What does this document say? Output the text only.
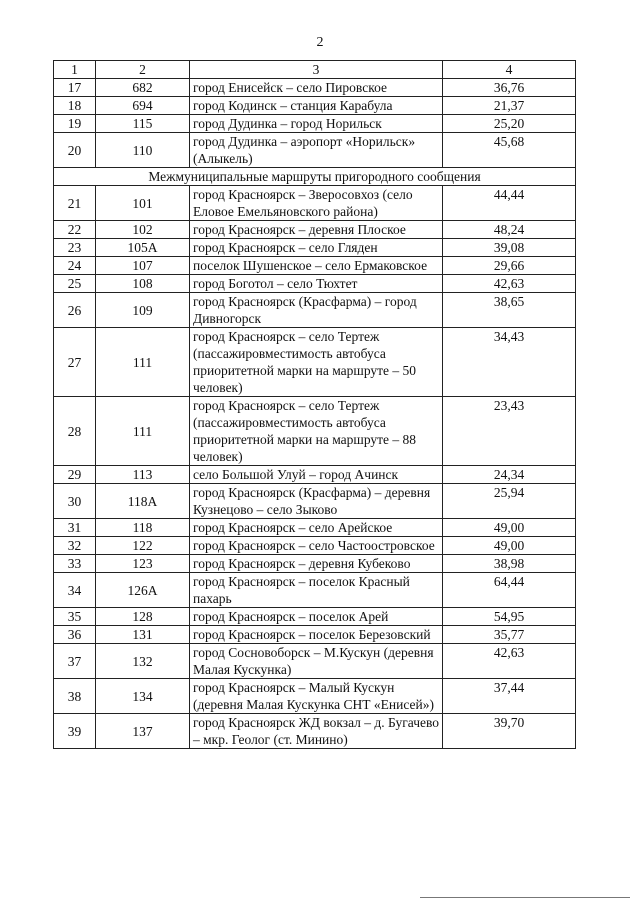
2
1	2	3	4
17	682	город Енисейск – село Пировское	36,76
18	694	город Кодинск – станция Карабула	21,37
19	115	город Дудинка – город Норильск	25,20
20	110	город Дудинка – аэропорт «Норильск» (Алыкель)	45,68
Межмуниципальные маршруты пригородного сообщения			
21	101	город Красноярск – Зверосовхоз (село Еловое Емельяновского района)	44,44
22	102	город Красноярск – деревня Плоское	48,24
23	105А	город Красноярск – село Гляден	39,08
24	107	поселок Шушенское – село Ермаковское	29,66
25	108	город Боготол – село Тюхтет	42,63
26	109	город Красноярск (Красфарма) – город Дивногорск	38,65
27	111	город Красноярск – село Тертеж (пассажировместимость автобуса приоритетной марки на маршруте – 50 человек)	34,43
28	111	город Красноярск – село Тертеж (пассажировместимость автобуса приоритетной марки на маршруте – 88 человек)	23,43
29	113	село Большой Улуй – город Ачинск	24,34
30	118А	город Красноярск (Красфарма) – деревня Кузнецово – село Зыково	25,94
31	118	город Красноярск – село Арейское	49,00
32	122	город Красноярск – село Частоостровское	49,00
33	123	город Красноярск – деревня Кубеково	38,98
34	126А	город Красноярск – поселок Красный пахарь	64,44
35	128	город Красноярск – поселок Арей	54,95
36	131	город Красноярск – поселок Березовский	35,77
37	132	город Сосновоборск – М.Кускун (деревня Малая Кускунка)	42,63
38	134	город Красноярск – Малый Кускун (деревня Малая Кускунка СНТ «Енисей»)	37,44
39	137	город Красноярск ЖД вокзал – д. Бугачево – мкр. Геолог (ст. Минино)	39,70
